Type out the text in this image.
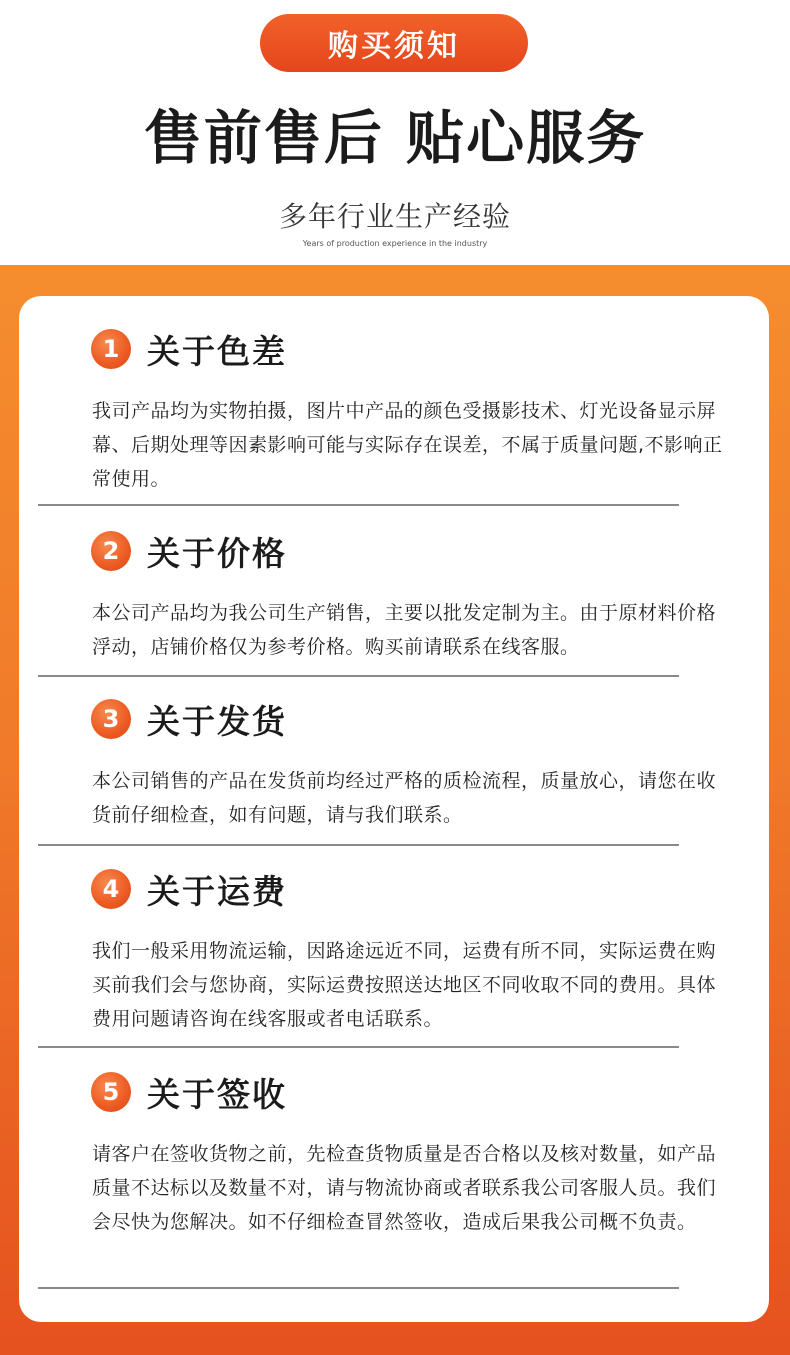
购买须知
售前售后 贴心服务
多年行业生产经验
Years of production experience in the industry
1 关于色差
我司产品均为实物拍摄，图片中产品的颜色受摄影技术、灯光设备显示屏幕、后期处理等因素影响可能与实际存在误差，不属于质量问题,不影响正常使用。
2 关于价格
本公司产品均为我公司生产销售，主要以批发定制为主。由于原材料价格浮动，店铺价格仅为参考价格。购买前请联系在线客服。
3 关于发货
本公司销售的产品在发货前均经过严格的质检流程，质量放心，请您在收货前仔细检查，如有问题，请与我们联系。
4 关于运费
我们一般采用物流运输，因路途远近不同，运费有所不同，实际运费在购买前我们会与您协商，实际运费按照送达地区不同收取不同的费用。具体费用问题请咨询在线客服或者电话联系。
5 关于签收
请客户在签收货物之前，先检查货物质量是否合格以及核对数量，如产品质量不达标以及数量不对，请与物流协商或者联系我公司客服人员。我们会尽快为您解决。如不仔细检查冒然签收，造成后果我公司概不负责。
